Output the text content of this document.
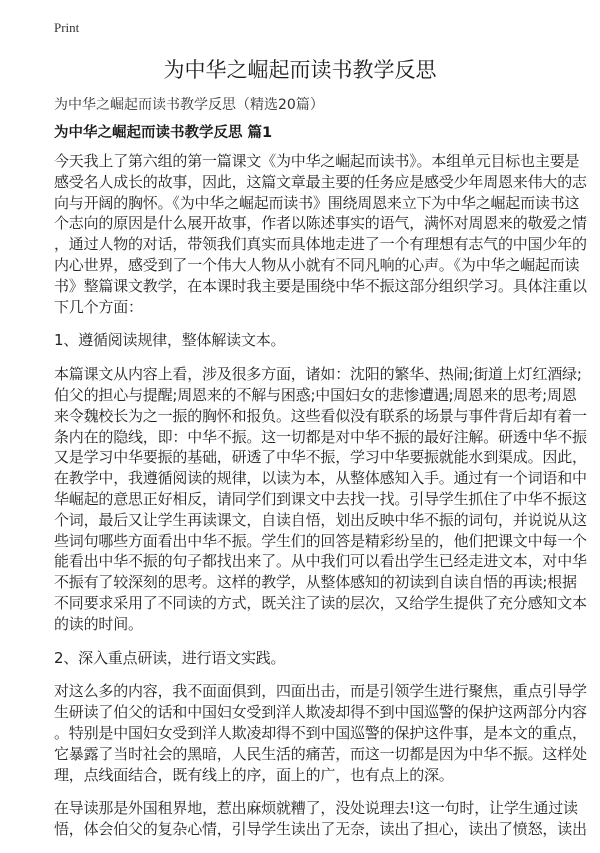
Print
为中华之崛起而读书教学反思
为中华之崛起而读书教学反思（精选20篇）
为中华之崛起而读书教学反思 篇1
今天我上了第六组的第一篇课文《为中华之崛起而读书》。本组单元目标也主要是
感受名人成长的故事，因此，这篇文章最主要的任务应是感受少年周恩来伟大的志
向与开阔的胸怀。《为中华之崛起而读书》围绕周恩来立下为中华之崛起而读书这
个志向的原因是什么展开故事，作者以陈述事实的语气，满怀对周恩来的敬爱之情
，通过人物的对话，带领我们真实而具体地走进了一个有理想有志气的中国少年的
内心世界，感受到了一个伟大人物从小就有不同凡响的心声。《为中华之崛起而读
书》整篇课文教学，在本课时我主要是围绕中华不振这部分组织学习。具体注重以
下几个方面：
1、遵循阅读规律，整体解读文本。
本篇课文从内容上看，涉及很多方面，诸如：沈阳的繁华、热闹;街道上灯红酒绿;
伯父的担心与提醒;周恩来的不解与困惑;中国妇女的悲惨遭遇;周恩来的思考;周恩
来令魏校长为之一振的胸怀和报负。这些看似没有联系的场景与事件背后却有着一
条内在的隐线，即：中华不振。这一切都是对中华不振的最好注解。研透中华不振
又是学习中华要振的基础，研透了中华不振，学习中华要振就能水到渠成。因此，
在教学中，我遵循阅读的规律，以读为本，从整体感知入手。通过有一个词语和中
华崛起的意思正好相反，请同学们到课文中去找一找。引导学生抓住了中华不振这
个词，最后又让学生再读课文，自读自悟，划出反映中华不振的词句，并说说从这
些词句哪些方面看出中华不振。学生们的回答是精彩纷呈的，他们把课文中每一个
能看出中华不振的句子都找出来了。从中我们可以看出学生已经走进文本，对中华
不振有了较深刻的思考。这样的教学，从整体感知的初读到自读自悟的再读;根据
不同要求采用了不同读的方式，既关注了读的层次，又给学生提供了充分感知文本
的读的时间。
2、深入重点研读，进行语文实践。
对这么多的内容，我不面面俱到，四面出击，而是引领学生进行聚焦，重点引导学
生研读了伯父的话和中国妇女受到洋人欺凌却得不到中国巡警的保护这两部分内容
。特别是中国妇女受到洋人欺凌却得不到中国巡警的保护这件事，是本文的重点，
它暴露了当时社会的黑暗，人民生活的痛苦，而这一切都是因为中华不振。这样处
理，点线面结合，既有线上的序，面上的广，也有点上的深。
在导读那是外国租界地，惹出麻烦就糟了，没处说理去!这一句时，让学生通过读
悟，体会伯父的复杂心情，引导学生读出了无奈，读出了担心，读出了愤怒，读出
